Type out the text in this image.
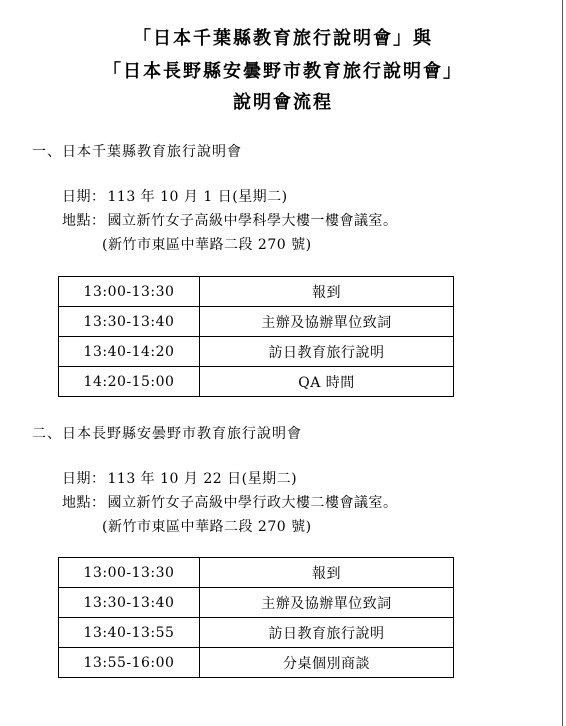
「日本千葉縣教育旅行說明會」與
「日本長野縣安曇野市教育旅行說明會」
說明會流程
一、日本千葉縣教育旅行說明會
日期： 113 年 10 月 1 日(星期二)
地點： 國立新竹女子高級中學科學大樓一樓會議室。
(新竹市東區中華路二段 270 號)
13:00-13:30	報到
13:30-13:40	主辦及協辦單位致詞
13:40-14:20	訪日教育旅行說明
14:20-15:00	QA 時間
二、日本長野縣安曇野市教育旅行說明會
日期： 113 年 10 月 22 日(星期二)
地點： 國立新竹女子高級中學行政大樓二樓會議室。
(新竹市東區中華路二段 270 號)
13:00-13:30	報到
13:30-13:40	主辦及協辦單位致詞
13:40-13:55	訪日教育旅行說明
13:55-16:00	分桌個別商談
